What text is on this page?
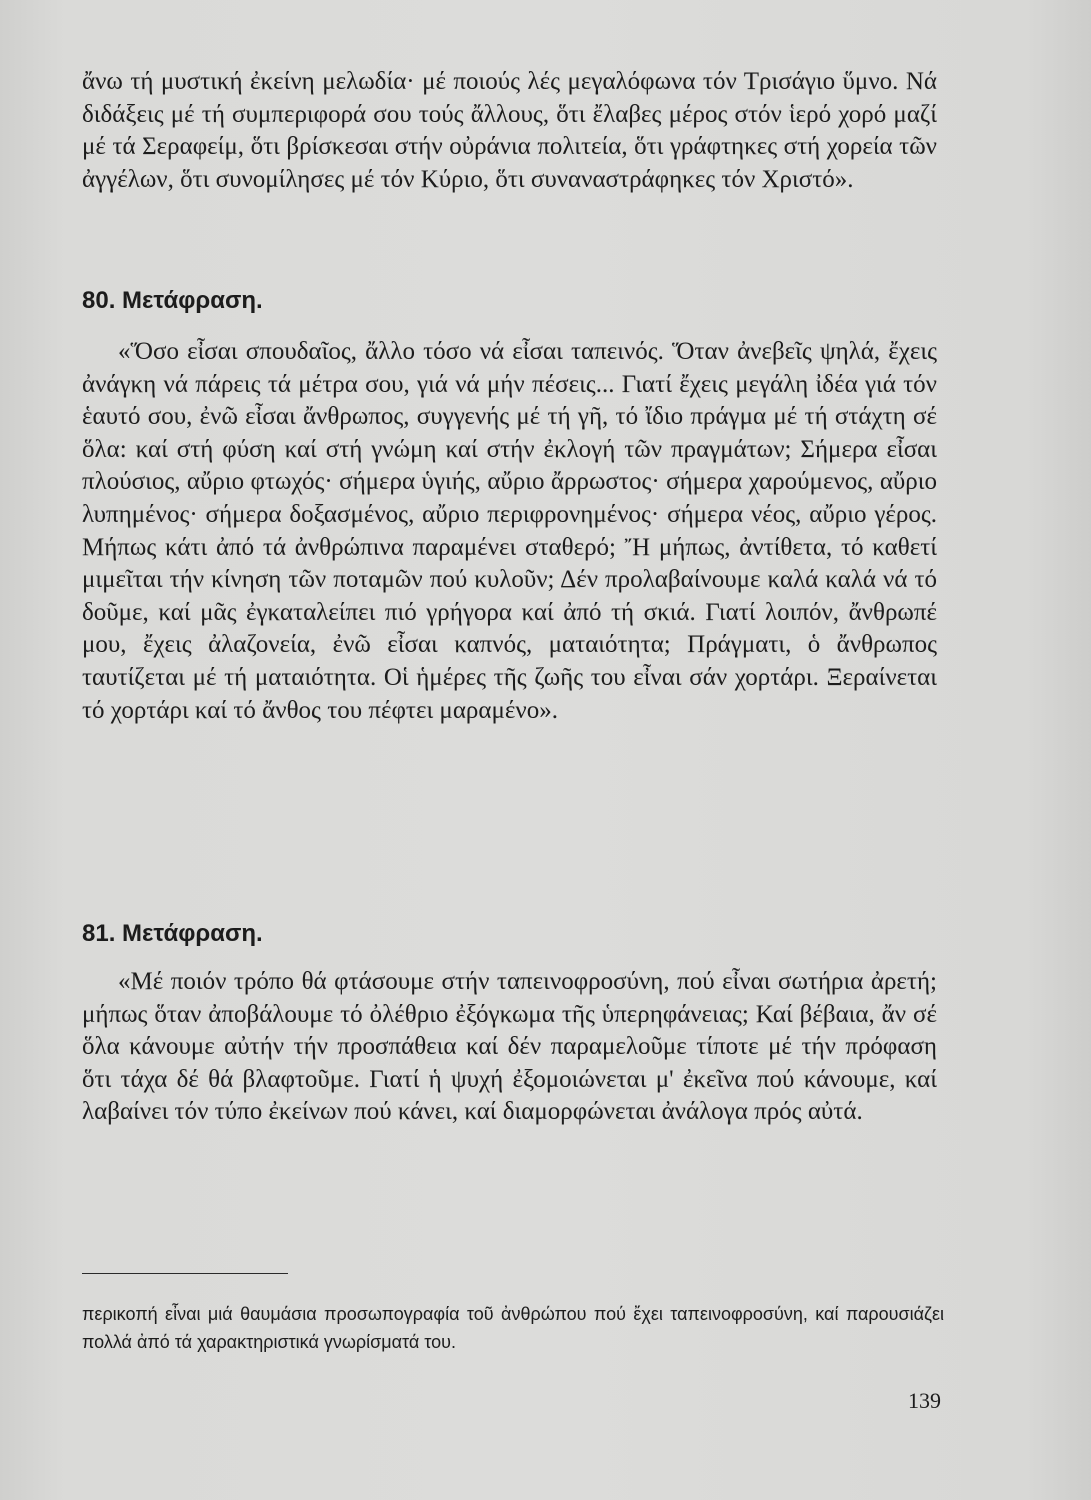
ἄνω τή μυστική ἐκείνη μελωδία· μέ ποιούς λές μεγαλόφωνα τόν Τρισάγιο ὕμνο. Νά διδάξεις μέ τή συμπεριφορά σου τούς ἄλλους, ὅτι ἔλαβες μέρος στόν ἱερό χορό μαζί μέ τά Σεραφείμ, ὅτι βρίσκεσαι στήν οὐράνια πολιτεία, ὅτι γράφτηκες στή χορεία τῶν ἀγγέλων, ὅτι συνομίλησες μέ τόν Κύριο, ὅτι συναναστράφηκες τόν Χριστό».

80. Μετάφραση.

«Ὅσο εἶσαι σπουδαῖος, ἄλλο τόσο νά εἶσαι ταπεινός. Ὅταν ἀνεβεῖς ψηλά, ἔχεις ἀνάγκη νά πάρεις τά μέτρα σου, γιά νά μήν πέσεις... Γιατί ἔχεις μεγάλη ἰδέα γιά τόν ἑαυτό σου, ἐνῶ εἶσαι ἄνθρωπος, συγγενής μέ τή γῆ, τό ἴδιο πράγμα μέ τή στάχτη σέ ὅλα: καί στή φύση καί στή γνώμη καί στήν ἐκλογή τῶν πραγμάτων; Σήμερα εἶσαι πλούσιος, αὔριο φτωχός· σήμερα ὑγιής, αὔριο ἄρρωστος· σήμερα χαρούμενος, αὔριο λυπημένος· σήμερα δοξασμένος, αὔριο περιφρονημένος· σήμερα νέος, αὔριο γέρος. Μήπως κάτι ἀπό τά ἀνθρώπινα παραμένει σταθερό; Ἤ μήπως, ἀντίθετα, τό καθετί μιμεῖται τήν κίνηση τῶν ποταμῶν πού κυλοῦν; Δέν προλαβαίνουμε καλά καλά νά τό δοῦμε, καί μᾶς ἐγκαταλείπει πιό γρήγορα καί ἀπό τή σκιά. Γιατί λοιπόν, ἄνθρωπέ μου, ἔχεις ἀλαζονεία, ἐνῶ εἶσαι καπνός, ματαιότητα; Πράγματι, ὁ ἄνθρωπος ταυτίζεται μέ τή ματαιότητα. Οἱ ἡμέρες τῆς ζωῆς του εἶναι σάν χορτάρι. Ξεραίνεται τό χορτάρι καί τό ἄνθος του πέφτει μαραμένο».

81. Μετάφραση.

«Μέ ποιόν τρόπο θά φτάσουμε στήν ταπεινοφροσύνη, πού εἶναι σωτήρια ἀρετή; μήπως ὅταν ἀποβάλουμε τό ὀλέθριο ἐξόγκωμα τῆς ὑπερηφάνειας; Καί βέβαια, ἄν σέ ὅλα κάνουμε αὐτήν τήν προσπάθεια καί δέν παραμελοῦμε τίποτε μέ τήν πρόφαση ὅτι τάχα δέ θά βλαφτοῦμε. Γιατί ἡ ψυχή ἐξομοιώνεται μ' ἐκεῖνα πού κάνουμε, καί λαβαίνει τόν τύπο ἐκείνων πού κάνει, καί διαμορφώνεται ἀνάλογα πρός αὐτά.

περικοπή εἶναι μιά θαυμάσια προσωπογραφία τοῦ ἀνθρώπου πού ἔχει ταπεινοφροσύνη, καί παρουσιάζει πολλά ἀπό τά χαρακτηριστικά γνωρίσματά του.

139
